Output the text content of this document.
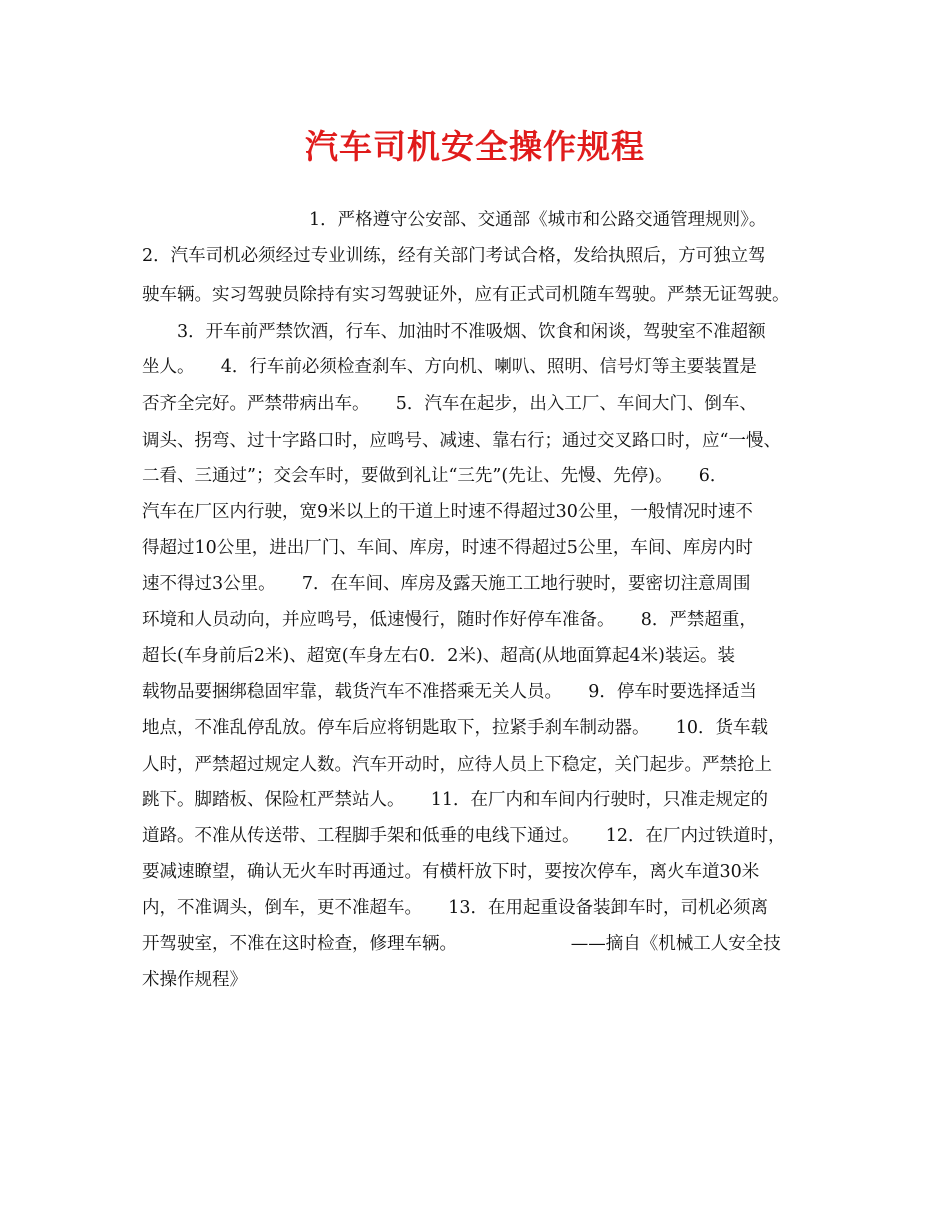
汽车司机安全操作规程
1．严格遵守公安部、交通部《城市和公路交通管理规则》。
2．汽车司机必须经过专业训练，经有关部门考试合格，发给执照后，方可独立驾
驶车辆。实习驾驶员除持有实习驾驶证外，应有正式司机随车驾驶。严禁无证驾驶。
3．开车前严禁饮酒，行车、加油时不准吸烟、饮食和闲谈，驾驶室不准超额
坐人。　　4．行车前必须检查刹车、方向机、喇叭、照明、信号灯等主要装置是
否齐全完好。严禁带病出车。　　5．汽车在起步，出入工厂、车间大门、倒车、
调头、拐弯、过十字路口时，应鸣号、减速、靠右行；通过交叉路口时，应“一慢、
二看、三通过”；交会车时，要做到礼让“三先”(先让、先慢、先停)。　　6．
汽车在厂区内行驶，宽9米以上的干道上时速不得超过30公里，一般情况时速不
得超过10公里，进出厂门、车间、库房，时速不得超过5公里，车间、库房内时
速不得过3公里。　　7．在车间、库房及露天施工工地行驶时，要密切注意周围
环境和人员动向，并应鸣号，低速慢行，随时作好停车准备。　　8．严禁超重，
超长(车身前后2米)、超宽(车身左右0．2米)、超高(从地面算起4米)装运。装
载物品要捆绑稳固牢靠，载货汽车不准搭乘无关人员。　　9．停车时要选择适当
地点，不准乱停乱放。停车后应将钥匙取下，拉紧手刹车制动器。　　10．货车载
人时，严禁超过规定人数。汽车开动时，应待人员上下稳定，关门起步。严禁抢上
跳下。脚踏板、保险杠严禁站人。　　11．在厂内和车间内行驶时，只准走规定的
道路。不准从传送带、工程脚手架和低垂的电线下通过。　　12．在厂内过铁道时，
要减速瞭望，确认无火车时再通过。有横杆放下时，要按次停车，离火车道30米
内，不准调头，倒车，更不准超车。　　13．在用起重设备装卸车时，司机必须离
开驾驶室，不准在这时检查，修理车辆。　　　　　　　——摘自《机械工人安全技
术操作规程》
